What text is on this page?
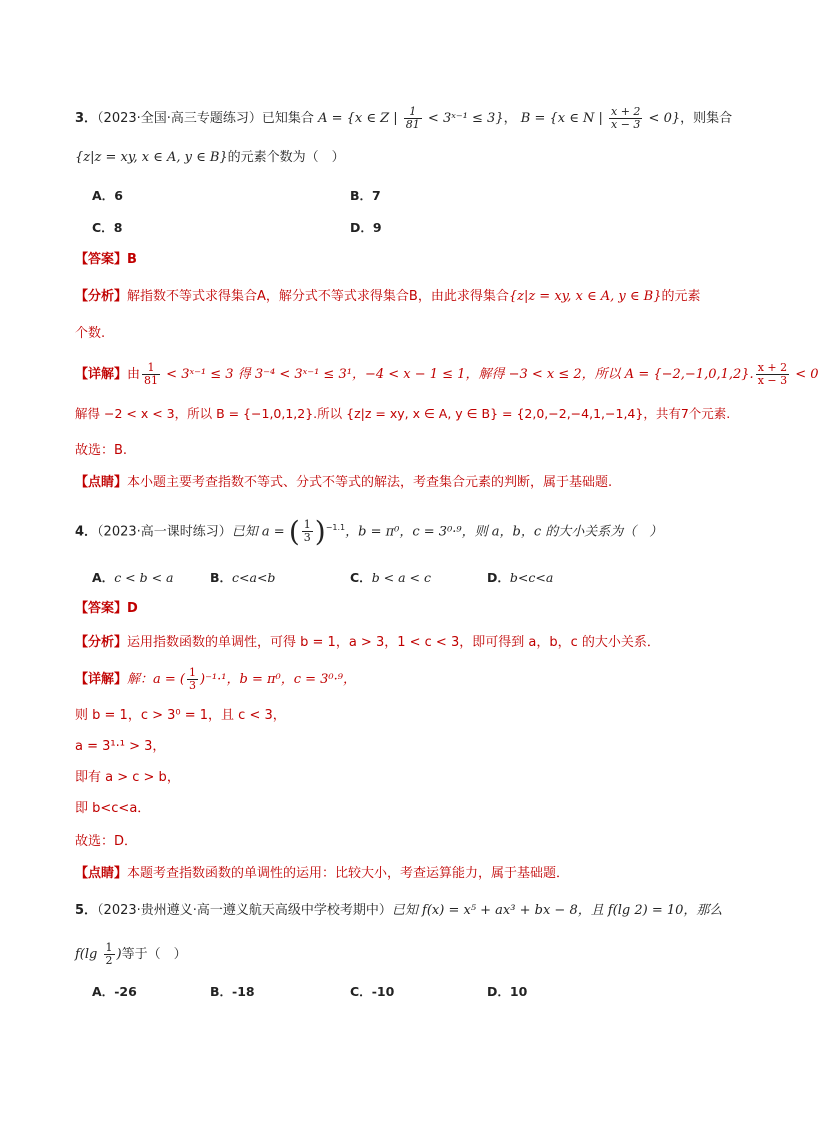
3．（2023·全国·高三专题练习）已知集合 A = {x ∈ Z | $\frac{1}{81}$ < 3ˣ⁻¹ ≤ 3}， B = {x ∈ N | $\frac{x + 2}{x - 3} < 0$}，则集合
{z|z = xy, x ∈ A, y ∈ B}的元素个数为（　）
A．6	B．7
C．8	D．9
【答案】B
【分析】解指数不等式求得集合A，解分式不等式求得集合B，由此求得集合{z|z = xy, x ∈ A, y ∈ B}的元素
个数.
【详解】由 $\frac{1}{81}$ < 3ˣ⁻¹ ≤ 3 得 3⁻⁴ < 3ˣ⁻¹ ≤ 3¹，−4 < x − 1 ≤ 1，解得 −3 < x ≤ 2，所以 A = {−2,−1,0,1,2}. $\frac{x + 2}{x - 3} < 0$
解得 −2 < x < 3，所以 B = {−1,0,1,2}.所以 {z|z = xy, x ∈ A, y ∈ B} = {2,0,−2,−4,1,−1,4}，共有7个元素.
故选：B.
【点睛】本小题主要考查指数不等式、分式不等式的解法，考查集合元素的判断，属于基础题.
4．（2023·高一课时练习）已知 a = ( $\frac{1}{3} )^{-1.1}$，b = π⁰，c = 3⁰·⁹，则 a，b，c 的大小关系为（　）
A．c < b < a	B．c<a<b	C．b < a < c	D．b<c<a
【答案】D
【分析】运用指数函数的单调性，可得 b = 1，a > 3，1 < c < 3，即可得到 a，b，c 的大小关系．
【详解】解：a = ( $\frac{1}{3} )^{-1}\cdot^1$，b = π⁰，c = 3⁰·⁹，
则 b = 1，c > 3⁰ = 1，且 c < 3，
a = 3¹·¹ > 3，
即有 a > c > b，
即 b<c<a．
故选：D．
【点睛】本题考查指数函数的单调性的运用：比较大小，考查运算能力，属于基础题．
5．（2023·贵州遵义·高一遵义航天高级中学校考期中）已知 f(x) = x⁵ + ax³ + bx − 8，且 f(lg 2) = 10，那么
$f(\lg \frac{1}{2}$ )等于（　）
A．-26	B．-18	C．-10	D．10
